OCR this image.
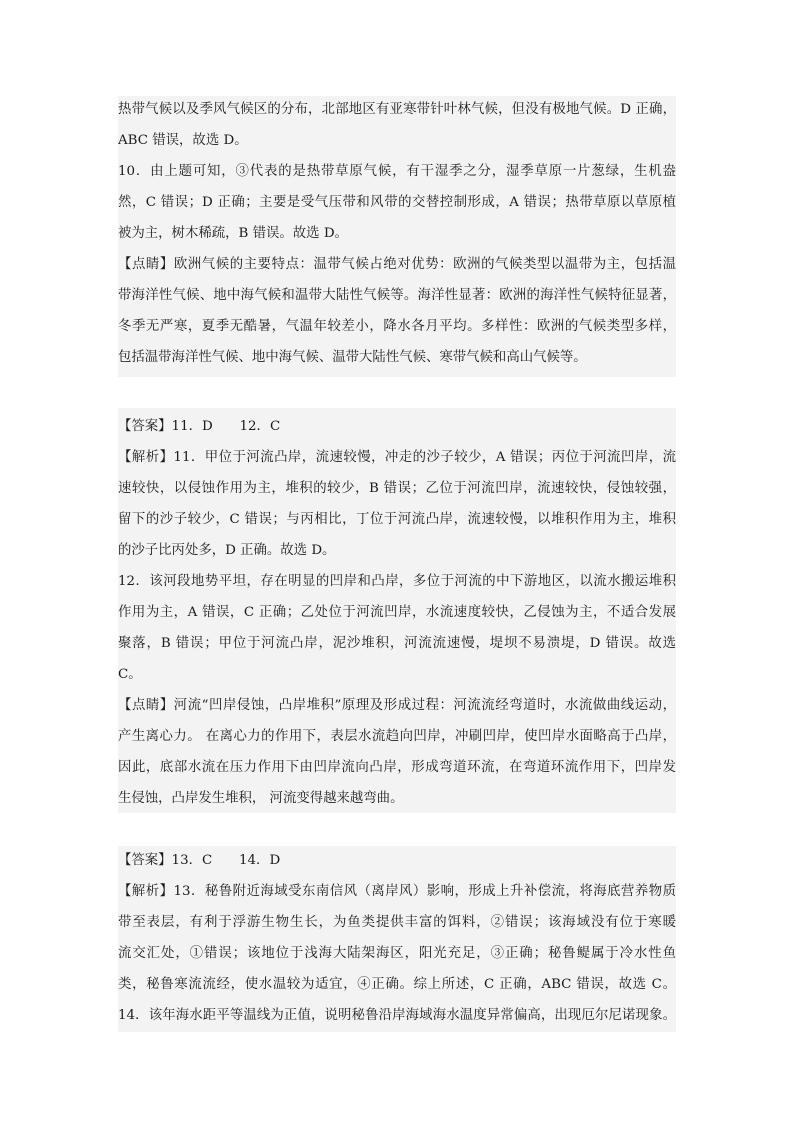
热带气候以及季风气候区的分布，北部地区有亚寒带针叶林气候，但没有极地气候。D 正确，
ABC 错误，故选 D。
10．由上题可知，③代表的是热带草原气候，有干湿季之分，湿季草原一片葱绿，生机盎
然，C 错误；D 正确；主要是受气压带和风带的交替控制形成，A 错误；热带草原以草原植
被为主，树木稀疏，B 错误。故选 D。
【点睛】欧洲气候的主要特点：温带气候占绝对优势：欧洲的气候类型以温带为主，包括温
带海洋性气候、地中海气候和温带大陆性气候等。海洋性显著：欧洲的海洋性气候特征显著，
冬季无严寒，夏季无酷暑，气温年较差小，降水各月平均。多样性：欧洲的气候类型多样，
包括温带海洋性气候、地中海气候、温带大陆性气候、寒带气候和高山气候等。
【答案】11．D　　12．C
【解析】11．甲位于河流凸岸，流速较慢，冲走的沙子较少，A 错误；丙位于河流凹岸，流
速较快，以侵蚀作用为主，堆积的较少，B 错误；乙位于河流凹岸，流速较快，侵蚀较强，
留下的沙子较少，C 错误；与丙相比，丁位于河流凸岸，流速较慢，以堆积作用为主，堆积
的沙子比丙处多，D 正确。故选 D。
12．该河段地势平坦，存在明显的凹岸和凸岸，多位于河流的中下游地区，以流水搬运堆积
作用为主，A 错误，C 正确；乙处位于河流凹岸，水流速度较快，乙侵蚀为主，不适合发展
聚落，B 错误；甲位于河流凸岸，泥沙堆积，河流流速慢，堤坝不易溃堤，D 错误。故选
C。
【点睛】河流“凹岸侵蚀，凸岸堆积”原理及形成过程：河流流经弯道时，水流做曲线运动，
产生离心力。 在离心力的作用下，表层水流趋向凹岸，冲刷凹岸，使凹岸水面略高于凸岸，
因此，底部水流在压力作用下由凹岸流向凸岸，形成弯道环流，在弯道环流作用下，凹岸发
生侵蚀，凸岸发生堆积， 河流变得越来越弯曲。
【答案】13．C　　14．D
【解析】13．秘鲁附近海域受东南信风（离岸风）影响，形成上升补偿流，将海底营养物质
带至表层，有利于浮游生物生长，为鱼类提供丰富的饵料，②错误；该海域没有位于寒暖
流交汇处，①错误；该地位于浅海大陆架海区，阳光充足，③正确；秘鲁鳀属于冷水性鱼
类，秘鲁寒流流经，使水温较为适宜，④正确。综上所述，C 正确，ABC 错误，故选 C。
14．该年海水距平等温线为正值，说明秘鲁沿岸海域海水温度异常偏高，出现厄尔尼诺现象。
